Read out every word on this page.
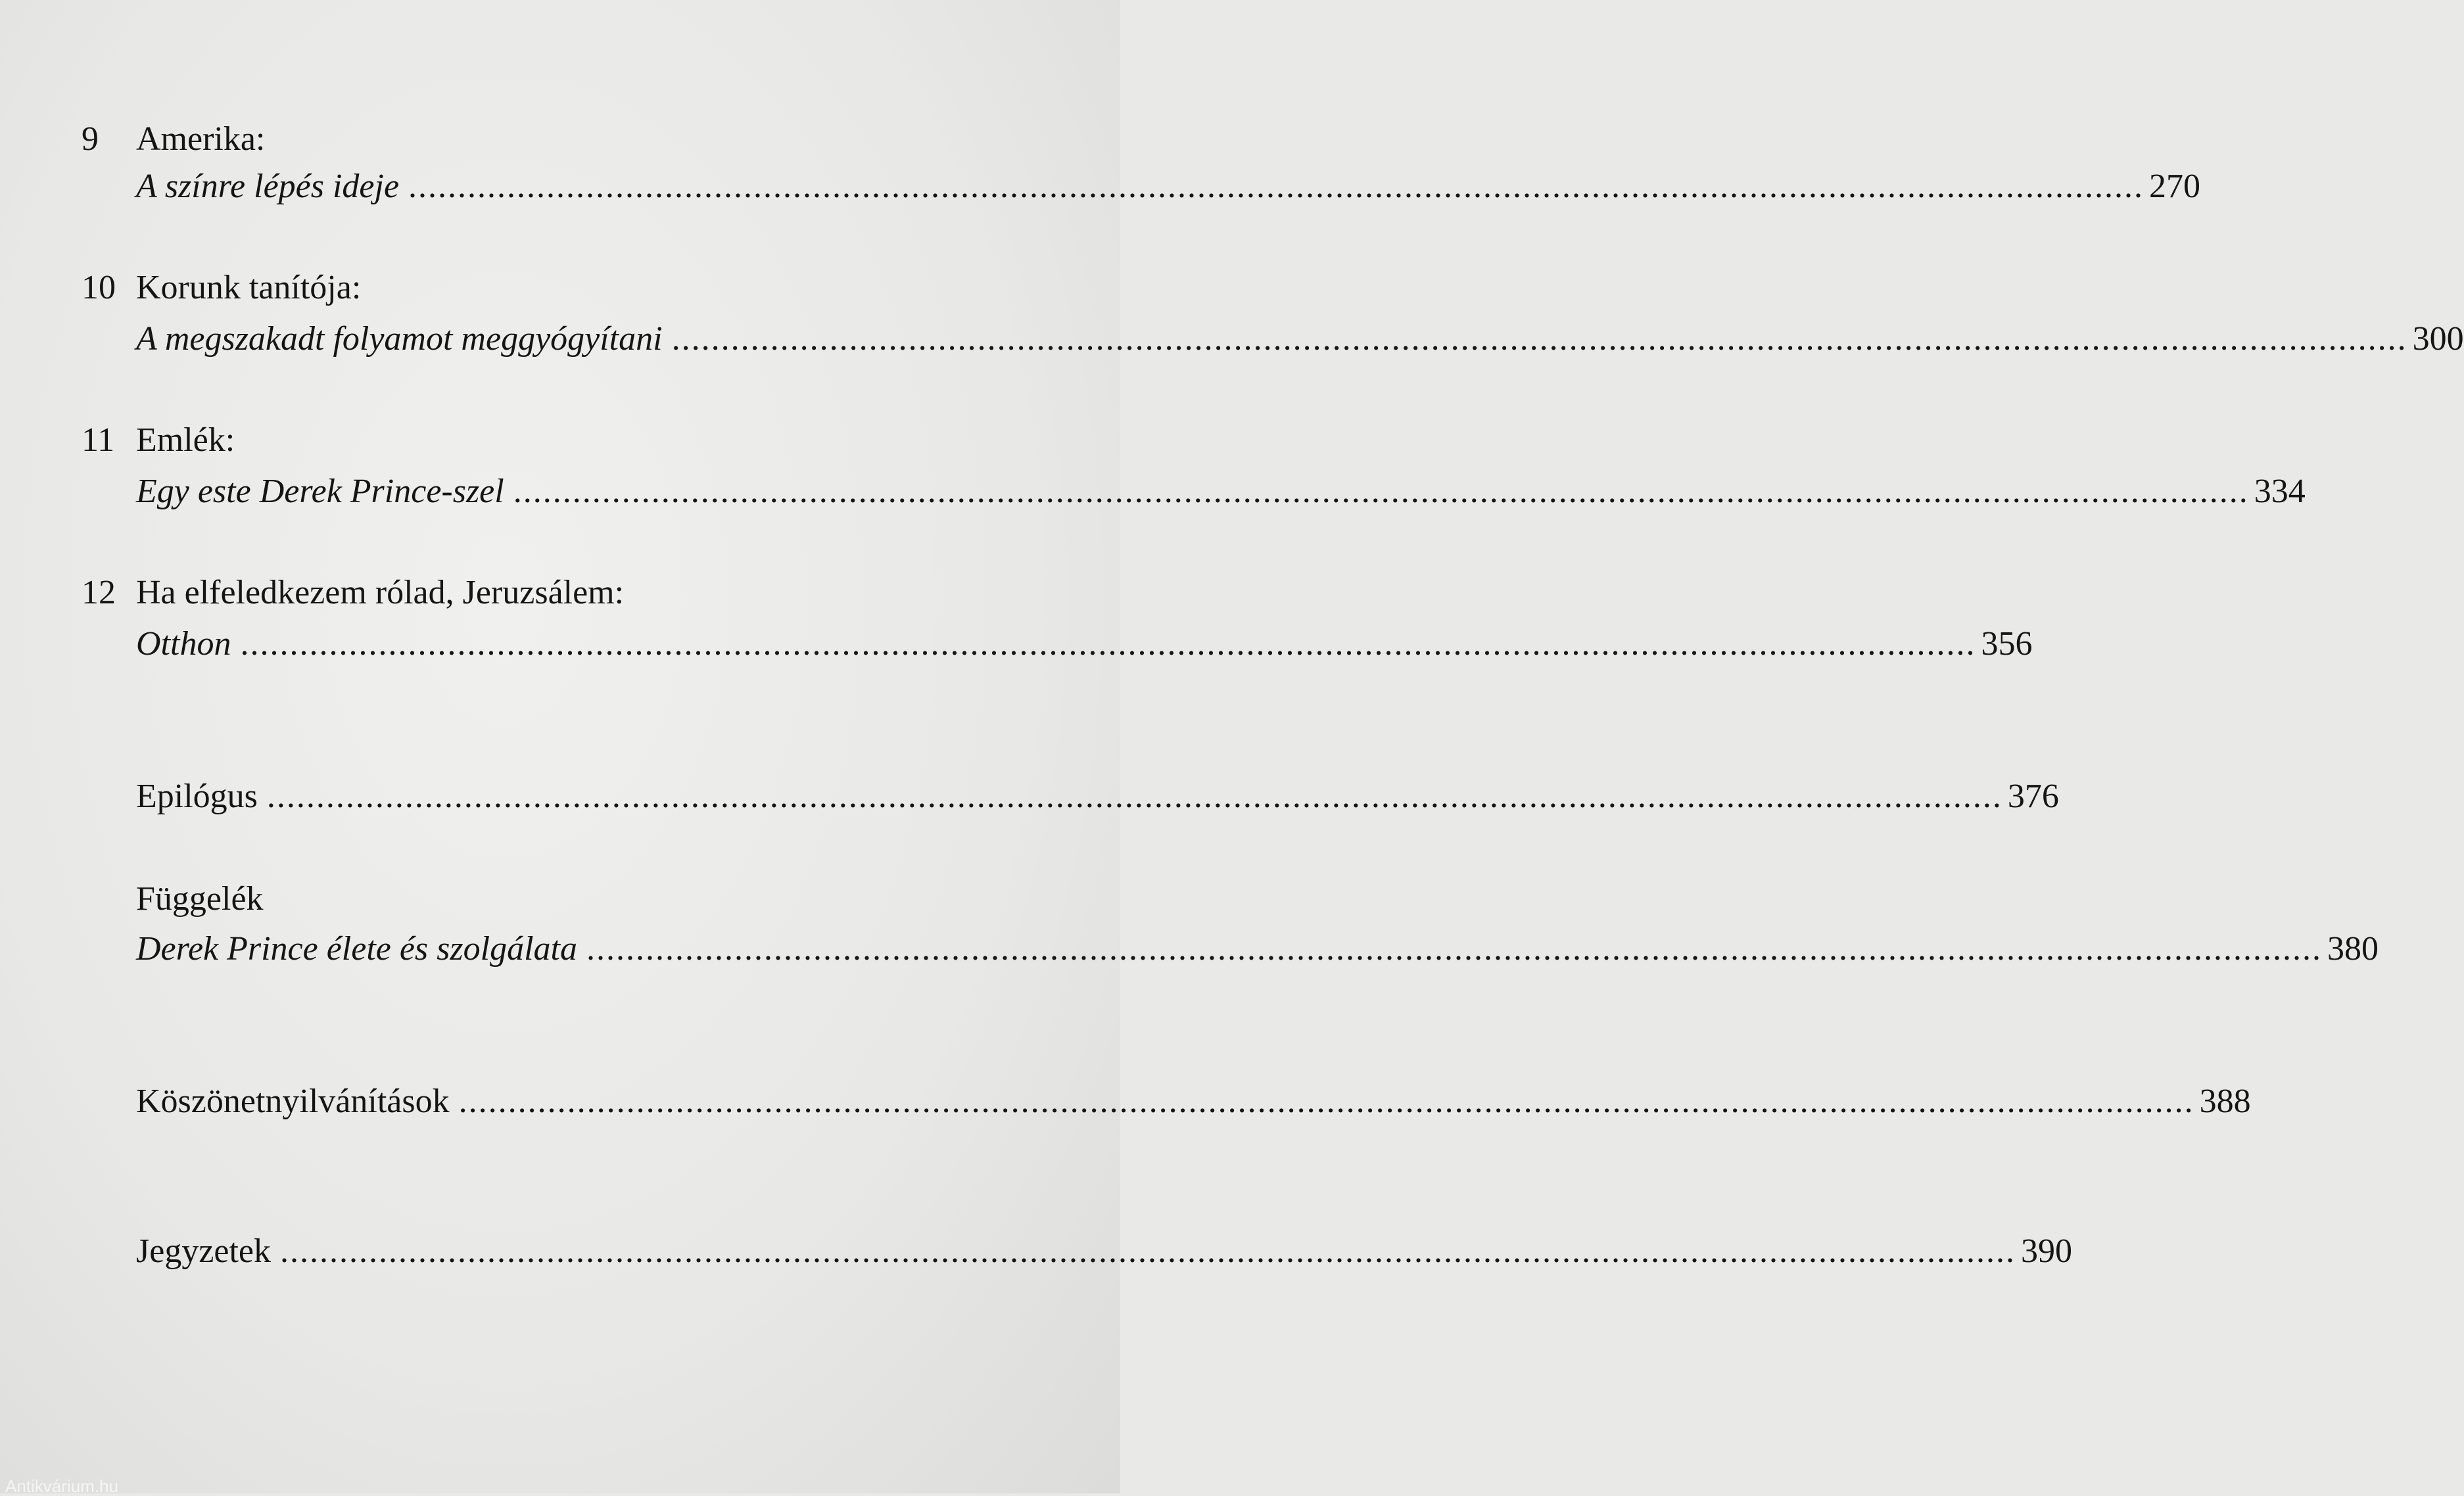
9 Amerika:
A színre lépés ideje ................................................................................................................................................................................ 270
10 Korunk tanítója:
A megszakadt folyamot meggyógyítani ................................................................................................................................................................................ 300
11 Emlék:
Egy este Derek Prince-szel ................................................................................................................................................................................ 334
12 Ha elfeledkezem rólad, Jeruzsálem:
Otthon ................................................................................................................................................................................ 356
Epilógus ................................................................................................................................................................................ 376
Függelék
Derek Prince élete és szolgálata ................................................................................................................................................................................ 380
Köszönetnyilvánítások ................................................................................................................................................................................ 388
Jegyzetek ................................................................................................................................................................................ 390
Antikvárium.hu
